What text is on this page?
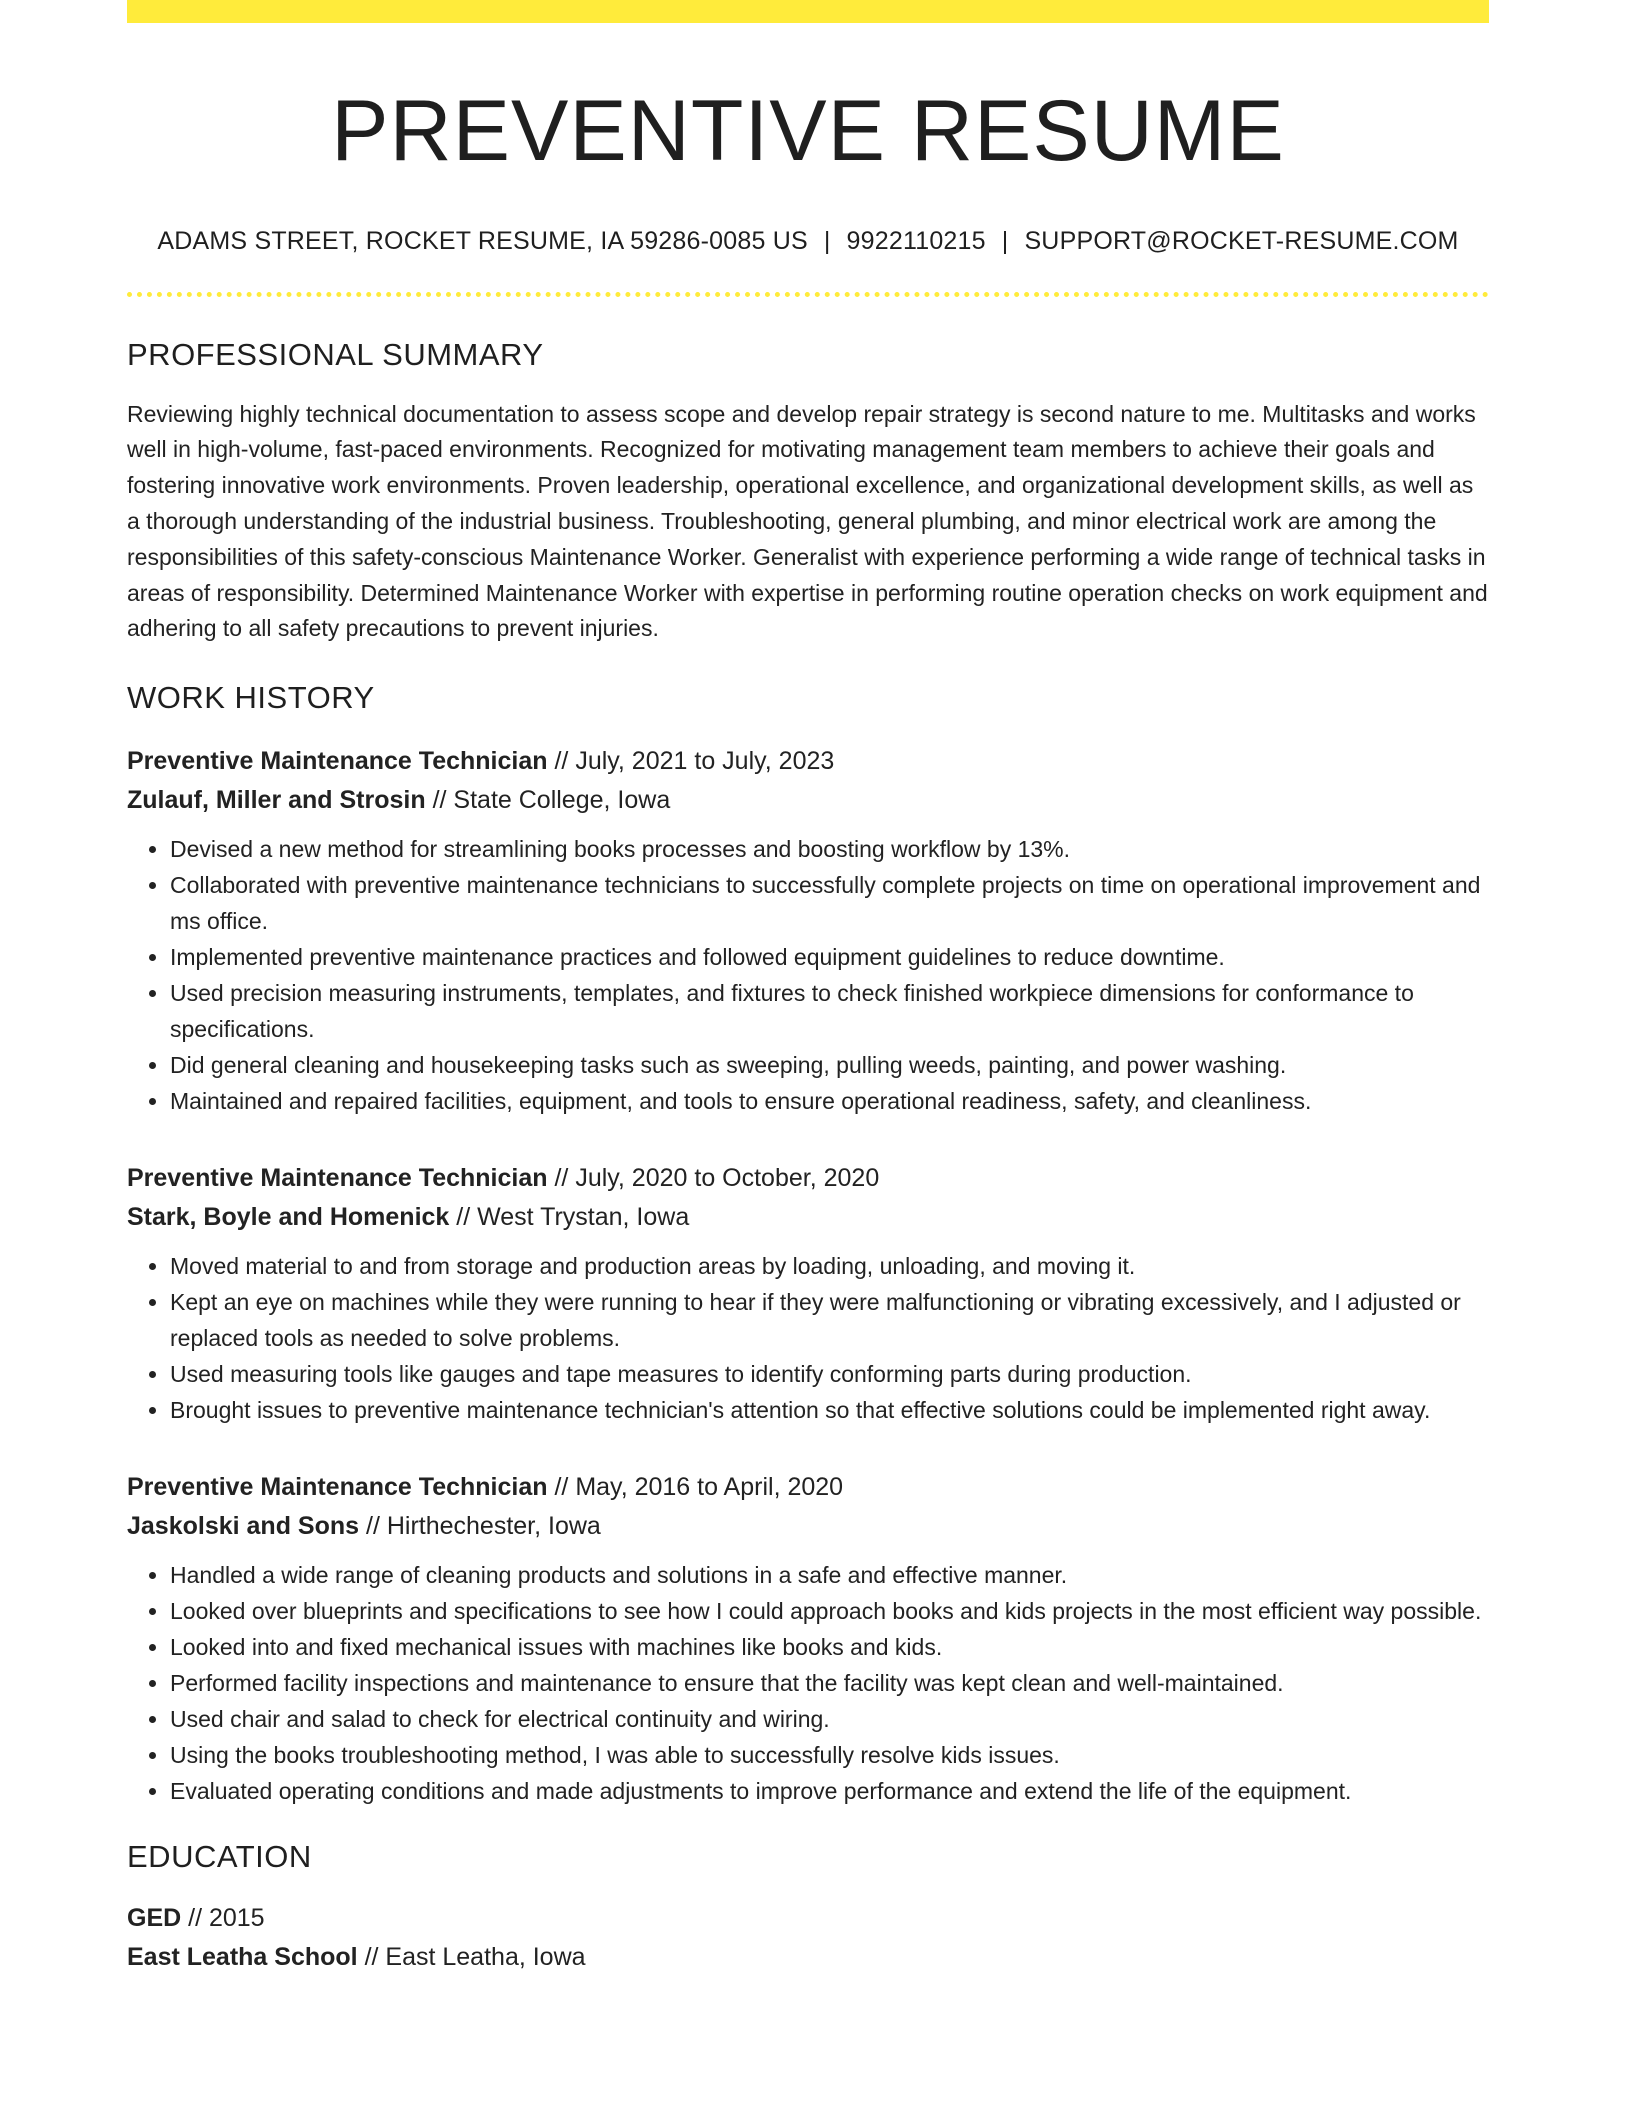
PREVENTIVE RESUME
ADAMS STREET, ROCKET RESUME, IA 59286-0085 US | 9922110215 | SUPPORT@ROCKET-RESUME.COM
PROFESSIONAL SUMMARY
Reviewing highly technical documentation to assess scope and develop repair strategy is second nature to me. Multitasks and works well in high-volume, fast-paced environments. Recognized for motivating management team members to achieve their goals and fostering innovative work environments. Proven leadership, operational excellence, and organizational development skills, as well as a thorough understanding of the industrial business. Troubleshooting, general plumbing, and minor electrical work are among the responsibilities of this safety-conscious Maintenance Worker. Generalist with experience performing a wide range of technical tasks in areas of responsibility. Determined Maintenance Worker with expertise in performing routine operation checks on work equipment and adhering to all safety precautions to prevent injuries.
WORK HISTORY
Preventive Maintenance Technician // July, 2021 to July, 2023
Zulauf, Miller and Strosin // State College, Iowa
• Devised a new method for streamlining books processes and boosting workflow by 13%.
• Collaborated with preventive maintenance technicians to successfully complete projects on time on operational improvement and ms office.
• Implemented preventive maintenance practices and followed equipment guidelines to reduce downtime.
• Used precision measuring instruments, templates, and fixtures to check finished workpiece dimensions for conformance to specifications.
• Did general cleaning and housekeeping tasks such as sweeping, pulling weeds, painting, and power washing.
• Maintained and repaired facilities, equipment, and tools to ensure operational readiness, safety, and cleanliness.
Preventive Maintenance Technician // July, 2020 to October, 2020
Stark, Boyle and Homenick // West Trystan, Iowa
• Moved material to and from storage and production areas by loading, unloading, and moving it.
• Kept an eye on machines while they were running to hear if they were malfunctioning or vibrating excessively, and I adjusted or replaced tools as needed to solve problems.
• Used measuring tools like gauges and tape measures to identify conforming parts during production.
• Brought issues to preventive maintenance technician's attention so that effective solutions could be implemented right away.
Preventive Maintenance Technician // May, 2016 to April, 2020
Jaskolski and Sons // Hirthechester, Iowa
• Handled a wide range of cleaning products and solutions in a safe and effective manner.
• Looked over blueprints and specifications to see how I could approach books and kids projects in the most efficient way possible.
• Looked into and fixed mechanical issues with machines like books and kids.
• Performed facility inspections and maintenance to ensure that the facility was kept clean and well-maintained.
• Used chair and salad to check for electrical continuity and wiring.
• Using the books troubleshooting method, I was able to successfully resolve kids issues.
• Evaluated operating conditions and made adjustments to improve performance and extend the life of the equipment.
EDUCATION
GED // 2015
East Leatha School // East Leatha, Iowa
